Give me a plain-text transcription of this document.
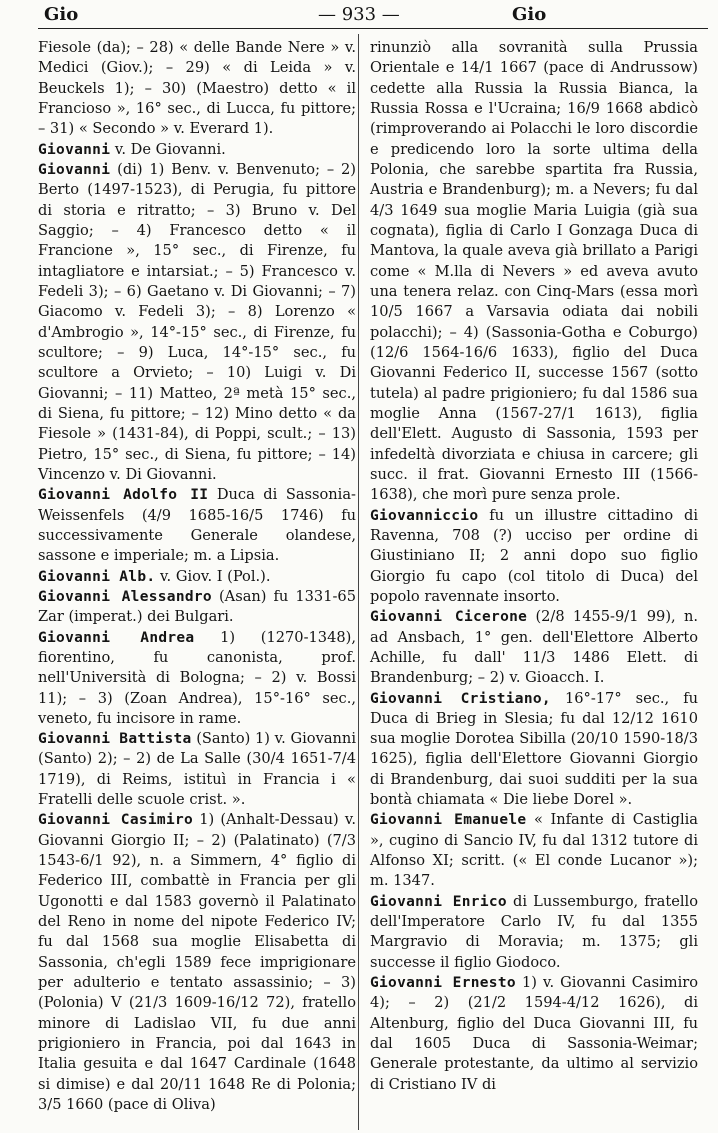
Gio	— 933 —	Gio

Fiesole (da); – 28) « delle Bande Nere » v. Medici (Giov.); – 29) « di Leida » v. Beuckels 1); – 30) (Maestro) detto « il Francioso », 16° sec., di Lucca, fu pittore; – 31) « Secondo » v. Everard 1).

Giovanni v. De Giovanni.

Giovanni (di) 1) Benv. v. Benvenuto; – 2) Berto (1497-1523), di Perugia, fu pittore di storia e ritratto; – 3) Bruno v. Del Saggio; – 4) Francesco detto « il Francione », 15° sec., di Firenze, fu intagliatore e intarsiat.; – 5) Francesco v. Fedeli 3); – 6) Gaetano v. Di Giovanni; – 7) Giacomo v. Fedeli 3); – 8) Lorenzo « d'Ambrogio », 14°-15° sec., di Firenze, fu scultore; – 9) Luca, 14°-15° sec., fu scultore a Orvieto; – 10) Luigi v. Di Giovanni; – 11) Matteo, 2ª metà 15° sec., di Siena, fu pittore; – 12) Mino detto « da Fiesole » (1431-84), di Poppi, scult.; – 13) Pietro, 15° sec., di Siena, fu pittore; – 14) Vincenzo v. Di Giovanni.

Giovanni Adolfo II Duca di Sassonia-Weissenfels (4/9 1685-16/5 1746) fu successivamente Generale olandese, sassone e imperiale; m. a Lipsia.

Giovanni Alb. v. Giov. I (Pol.).

Giovanni Alessandro (Asan) fu 1331-65 Zar (imperat.) dei Bulgari.

Giovanni Andrea 1) (1270-1348), fiorentino, fu canonista, prof. nell'Università di Bologna; – 2) v. Bossi 11); – 3) (Zoan Andrea), 15°-16° sec., veneto, fu incisore in rame.

Giovanni Battista (Santo) 1) v. Giovanni (Santo) 2); – 2) de La Salle (30/4 1651-7/4 1719), di Reims, istituì in Francia i « Fratelli delle scuole crist. ».

Giovanni Casimiro 1) (Anhalt-Dessau) v. Giovanni Giorgio II; – 2) (Palatinato) (7/3 1543-6/1 92), n. a Simmern, 4° figlio di Federico III, combattè in Francia per gli Ugonotti e dal 1583 governò il Palatinato del Reno in nome del nipote Federico IV; fu dal 1568 sua moglie Elisabetta di Sassonia, ch'egli 1589 fece imprigionare per adulterio e tentato assassinio; – 3) (Polonia) V (21/3 1609-16/12 72), fratello minore di Ladislao VII, fu due anni prigioniero in Francia, poi dal 1643 in Italia gesuita e dal 1647 Cardinale (1648 si dimise) e dal 20/11 1648 Re di Polonia; 3/5 1660 (pace di Oliva)

rinunziò alla sovranità sulla Prussia Orientale e 14/1 1667 (pace di Andrussow) cedette alla Russia la Russia Bianca, la Russia Rossa e l'Ucraina; 16/9 1668 abdicò (rimproverando ai Polacchi le loro discordie e predicendo loro la sorte ultima della Polonia, che sarebbe spartita fra Russia, Austria e Brandenburg); m. a Nevers; fu dal 4/3 1649 sua moglie Maria Luigia (già sua cognata), figlia di Carlo I Gonzaga Duca di Mantova, la quale aveva già brillato a Parigi come « M.lla di Nevers » ed aveva avuto una tenera relaz. con Cinq-Mars (essa morì 10/5 1667 a Varsavia odiata dai nobili polacchi); – 4) (Sassonia-Gotha e Coburgo) (12/6 1564-16/6 1633), figlio del Duca Giovanni Federico II, successe 1567 (sotto tutela) al padre prigioniero; fu dal 1586 sua moglie Anna (1567-27/1 1613), figlia dell'Elett. Augusto di Sassonia, 1593 per infedeltà divorziata e chiusa in carcere; gli succ. il frat. Giovanni Ernesto III (1566-1638), che morì pure senza prole.

Giovanniccio fu un illustre cittadino di Ravenna, 708 (?) ucciso per ordine di Giustiniano II; 2 anni dopo suo figlio Giorgio fu capo (col titolo di Duca) del popolo ravennate insorto.

Giovanni Cicerone (2/8 1455-9/1 99), n. ad Ansbach, 1° gen. dell'Elettore Alberto Achille, fu dall' 11/3 1486 Elett. di Brandenburg; – 2) v. Gioacch. I.

Giovanni Cristiano, 16°-17° sec., fu Duca di Brieg in Slesia; fu dal 12/12 1610 sua moglie Dorotea Sibilla (20/10 1590-18/3 1625), figlia dell'Elettore Giovanni Giorgio di Brandenburg, dai suoi sudditi per la sua bontà chiamata « Die liebe Dorel ».

Giovanni Emanuele « Infante di Castiglia », cugino di Sancio IV, fu dal 1312 tutore di Alfonso XI; scritt. (« El conde Lucanor »); m. 1347.

Giovanni Enrico di Lussemburgo, fratello dell'Imperatore Carlo IV, fu dal 1355 Margravio di Moravia; m. 1375; gli successe il figlio Giodoco.

Giovanni Ernesto 1) v. Giovanni Casimiro 4); – 2) (21/2 1594-4/12 1626), di Altenburg, figlio del Duca Giovanni III, fu dal 1605 Duca di Sassonia-Weimar; Generale protestante, da ultimo al servizio di Cristiano IV di
